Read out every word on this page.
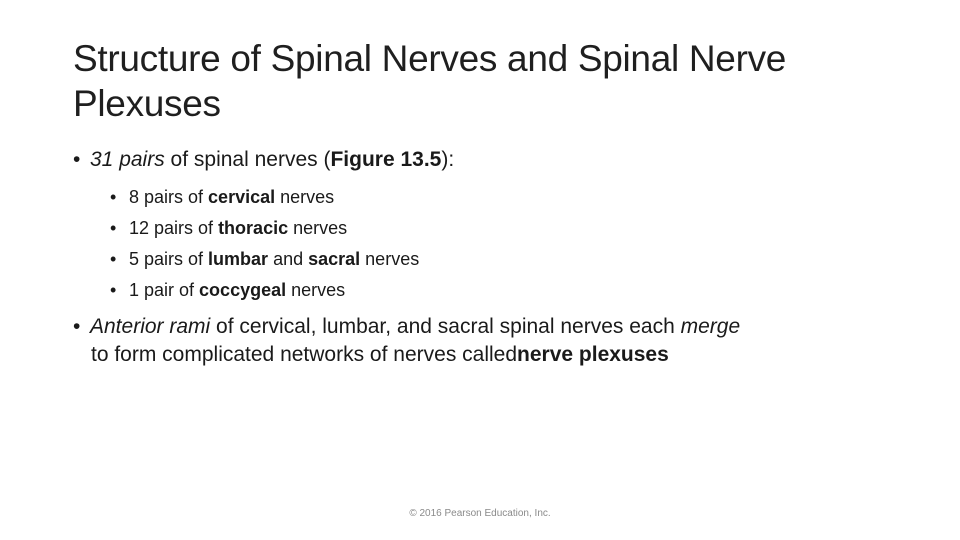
Structure of Spinal Nerves and Spinal Nerve Plexuses
• 31 pairs of spinal nerves (Figure 13.5):
• 8 pairs of cervical nerves
• 12 pairs of thoracic nerves
• 5 pairs of lumbar and sacral nerves
• 1 pair of coccygeal nerves
• Anterior rami of cervical, lumbar, and sacral spinal nerves each merge
to form complicated networks of nerves callednerve plexuses
© 2016 Pearson Education, Inc.
